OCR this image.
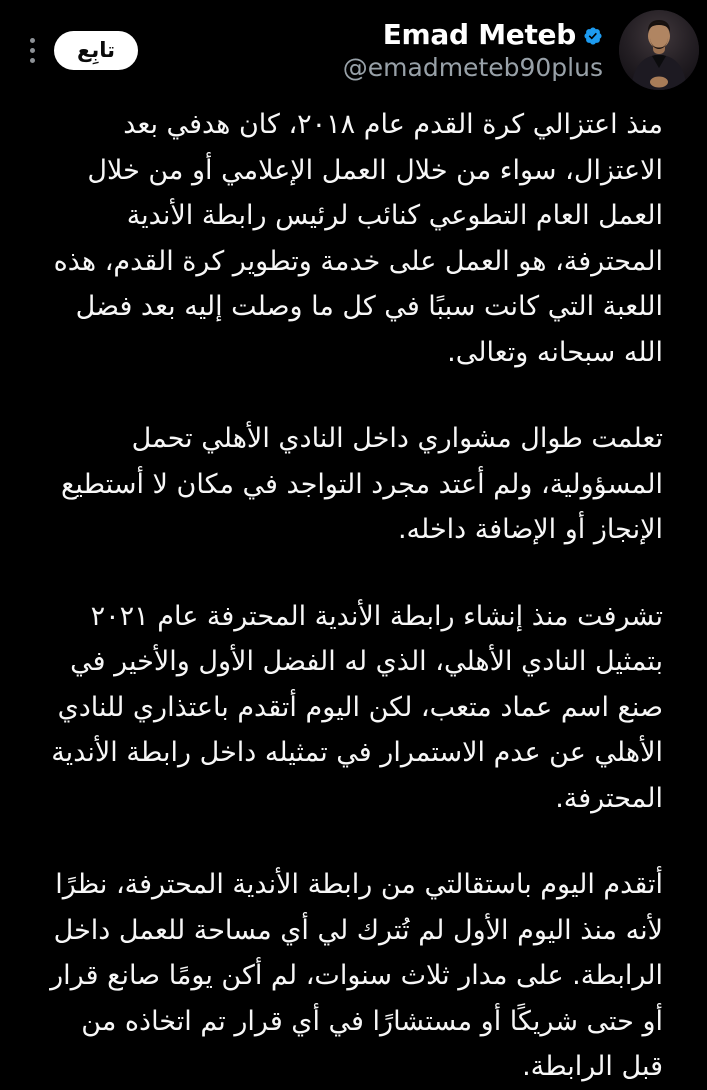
تابِع	Emad Meteb
@emadmeteb90plus

منذ اعتزالي كرة القدم عام ٢٠١٨، كان هدفي بعد الاعتزال، سواء من خلال العمل الإعلامي أو من خلال العمل العام التطوعي كنائب لرئيس رابطة الأندية المحترفة، هو العمل على خدمة وتطوير كرة القدم، هذه اللعبة التي كانت سببًا في كل ما وصلت إليه بعد فضل الله سبحانه وتعالى.

تعلمت طوال مشواري داخل النادي الأهلي تحمل المسؤولية، ولم أعتد مجرد التواجد في مكان لا أستطيع الإنجاز أو الإضافة داخله.

تشرفت منذ إنشاء رابطة الأندية المحترفة عام ٢٠٢١ بتمثيل النادي الأهلي، الذي له الفضل الأول والأخير في صنع اسم عماد متعب، لكن اليوم أتقدم باعتذاري للنادي الأهلي عن عدم الاستمرار في تمثيله داخل رابطة الأندية المحترفة.

أتقدم اليوم باستقالتي من رابطة الأندية المحترفة، نظرًا لأنه منذ اليوم الأول لم تُترك لي أي مساحة للعمل داخل الرابطة. على مدار ثلاث سنوات، لم أكن يومًا صانع قرار أو حتى شريكًا أو مستشارًا في أي قرار تم اتخاذه من قبل الرابطة.
